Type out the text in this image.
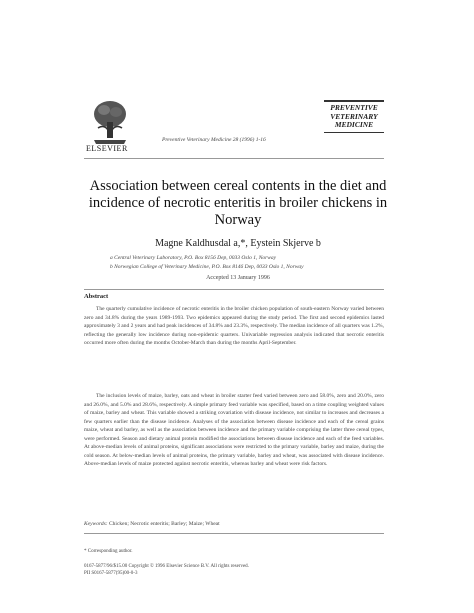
ELSEVIER
Preventive Veterinary Medicine 28 (1996) 1-16
PREVENTIVE
VETERINARY
MEDICINE
Association between cereal contents in the diet and incidence of necrotic enteritis in broiler chickens in Norway
Magne Kaldhusdal a,*, Eystein Skjerve b
a Central Veterinary Laboratory, P.O. Box 8156 Dep, 0033 Oslo 1, Norway
b Norwegian College of Veterinary Medicine, P.O. Box 8146 Dep, 0033 Oslo 1, Norway
Accepted 13 January 1996
Abstract
The quarterly cumulative incidence of necrotic enteritis in the broiler chicken population of south-eastern Norway varied between zero and 34.8% during the years 1989-1993. Two epidemics appeared during the study period. The first and second epidemics lasted approximately 3 and 2 years and had peak incidences of 34.8% and 23.3%, respectively. The median incidence of all quarters was 1.2%, reflecting the generally low incidence during non-epidemic quarters. Univariable regression analysis indicated that necrotic enteritis occurred more often during the months October-March than during the months April-September.
The inclusion levels of maize, barley, oats and wheat in broiler starter feed varied between zero and 58.0%, zero and 20.0%, zero and 26.0%, and 5.0% and 28.6%, respectively. A simple primary feed variable was specified, based on a time coupling weighted values of maize, barley and wheat. This variable showed a striking covariation with disease incidence, not similar to increases and decreases a few quarters earlier than the disease incidence. Analyses of the association between disease incidence and each of the cereal grains maize, wheat and barley, as well as the association between incidence and the primary variable comprising the latter three cereal types, were performed. Season and dietary animal protein modified the associations between disease incidence and each of the feed variables. At above-median levels of animal proteins, significant associations were restricted to the primary variable, barley and maize, during the cold season. At below-median levels of animal proteins, the primary variable, barley and wheat, was associated with disease incidence. Above-median levels of maize protected against necrotic enteritis, whereas barley and wheat were risk factors.
Keywords: Chicken; Necrotic enteritis; Barley; Maize; Wheat
* Corresponding author.
0167-5877/96/$15.00 Copyright © 1996 Elsevier Science B.V. All rights reserved.
PII S0167-5877(95)00-0-3
